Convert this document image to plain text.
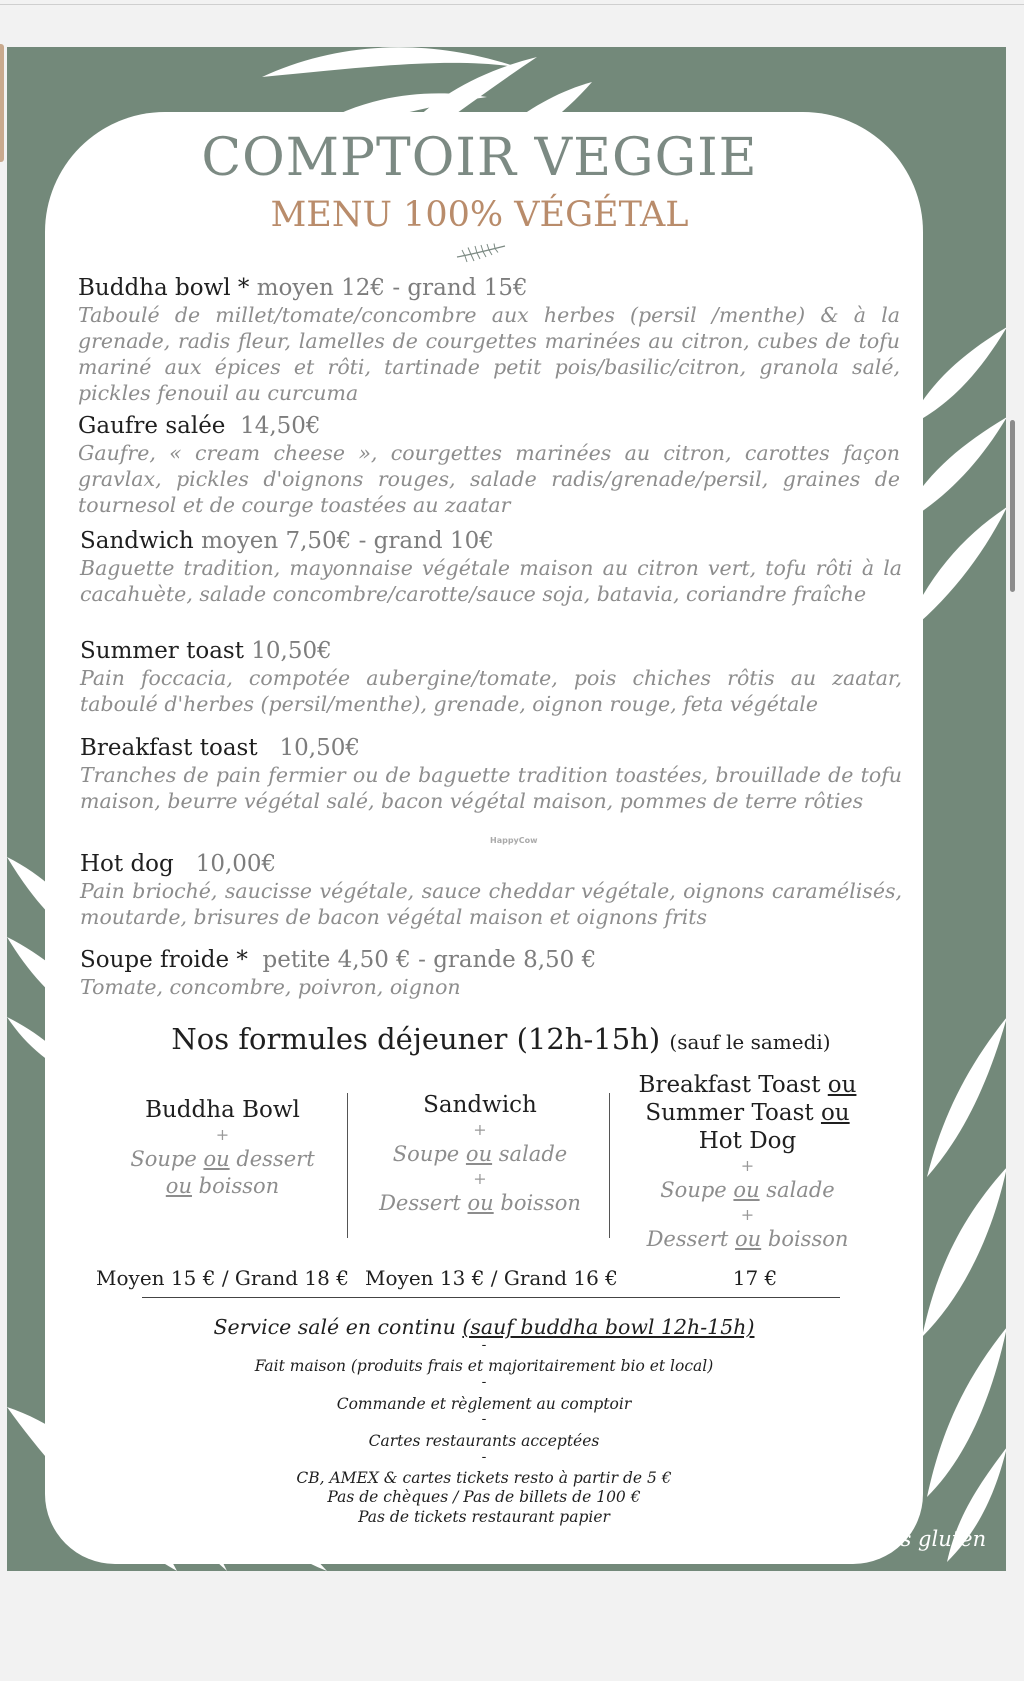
COMPTOIR VEGGIE
MENU 100% VÉGÉTAL
Buddha bowl * moyen 12€ - grand 15€
Taboulé de millet/tomate/concombre aux herbes (persil /menthe) & à la grenade, radis fleur, lamelles de courgettes marinées au citron, cubes de tofu mariné aux épices et rôti, tartinade petit pois/basilic/citron, granola salé, pickles fenouil au curcuma
Gaufre salée 14,50€
Gaufre, « cream cheese », courgettes marinées au citron, carottes façon gravlax, pickles d'oignons rouges, salade radis/grenade/persil, graines de tournesol et de courge toastées au zaatar
Sandwich moyen 7,50€ - grand 10€
Baguette tradition, mayonnaise végétale maison au citron vert, tofu rôti à la cacahuète, salade concombre/carotte/sauce soja, batavia, coriandre fraîche
Summer toast 10,50€
Pain foccacia, compotée aubergine/tomate, pois chiches rôtis au zaatar, taboulé d'herbes (persil/menthe), grenade, oignon rouge, feta végétale
Breakfast toast 10,50€
Tranches de pain fermier ou de baguette tradition toastées, brouillade de tofu maison, beurre végétal salé, bacon végétal maison, pommes de terre rôties
HappyCow
Hot dog 10,00€
Pain brioché, saucisse végétale, sauce cheddar végétale, oignons caramélisés, moutarde, brisures de bacon végétal maison et oignons frits
Soupe froide * petite 4,50 € - grande 8,50 €
Tomate, concombre, poivron, oignon
Nos formules déjeuner (12h-15h) (sauf le samedi)
Buddha Bowl
+
Soupe ou dessert
ou boisson
Sandwich
+
Soupe ou salade
+
Dessert ou boisson
Breakfast Toast ou
Summer Toast ou
Hot Dog
+
Soupe ou salade
+
Dessert ou boisson
Moyen 15 € / Grand 18 € Moyen 13 € / Grand 16 €	17 €
Service salé en continu (sauf buddha bowl 12h-15h)
-
Fait maison (produits frais et majoritairement bio et local)
-
Commande et règlement au comptoir
-
Cartes restaurants acceptées
-
CB, AMEX & cartes tickets resto à partir de 5 €
Pas de chèques / Pas de billets de 100 €
Pas de tickets restaurant papier
* Sans gluten
